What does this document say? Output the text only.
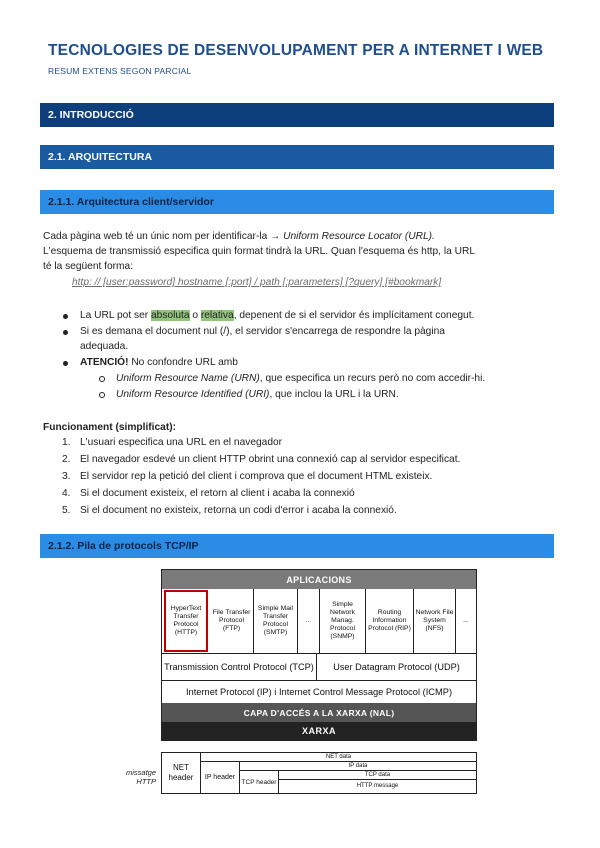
TECNOLOGIES DE DESENVOLUPAMENT PER A INTERNET I WEB
RESUM EXTENS SEGON PARCIAL
2. INTRODUCCIÓ
2.1. ARQUITECTURA
2.1.1. Arquitectura client/servidor
Cada pàgina web té un únic nom per identificar-la → Uniform Resource Locator (URL).
L'esquema de transmissió especifica quin format tindrà la URL. Quan l'esquema és http, la URL
té la següent forma:
http: // [user:password] hostname [:port] / path [;parameters] [?query] [#bookmark]
La URL pot ser absoluta o relativa, depenent de si el servidor és implícitament conegut.
Si es demana el document nul (/), el servidor s'encarrega de respondre la pàgina
adequada.
ATENCIÓ! No confondre URL amb
Uniform Resource Name (URN), que especifica un recurs però no com accedir-hi.
Uniform Resource Identified (URI), que inclou la URL i la URN.
Funcionament (simplificat):
1. L'usuari especifica una URL en el navegador
2. El navegador esdevé un client HTTP obrint una connexió cap al servidor especificat.
3. El servidor rep la petició del client i comprova que el document HTML existeix.
4. Si el document existeix, el retorn al client i acaba la connexió
5. Si el document no existeix, retorna un codi d'error i acaba la connexió.
2.1.2. Pila de protocols TCP/IP
APLICACIONS
HyperText Transfer Protocol (HTTP)
File Transfer Protocol (FTP)
Simple Mail Transfer Protocol (SMTP)
...
Simple Network Manag. Protocol (SNMP)
Routing Information Protocol (RIP)
Network File System (NFS)
...
Transmission Control Protocol (TCP)	User Datagram Protocol (UDP)
Internet Protocol (IP) i Internet Control Message Protocol (ICMP)
CAPA D'ACCÉS A LA XARXA (NAL)
XARXA
missatge HTTP
NET header
NET data
IP header
IP data
TCP header
TCP data
HTTP message
